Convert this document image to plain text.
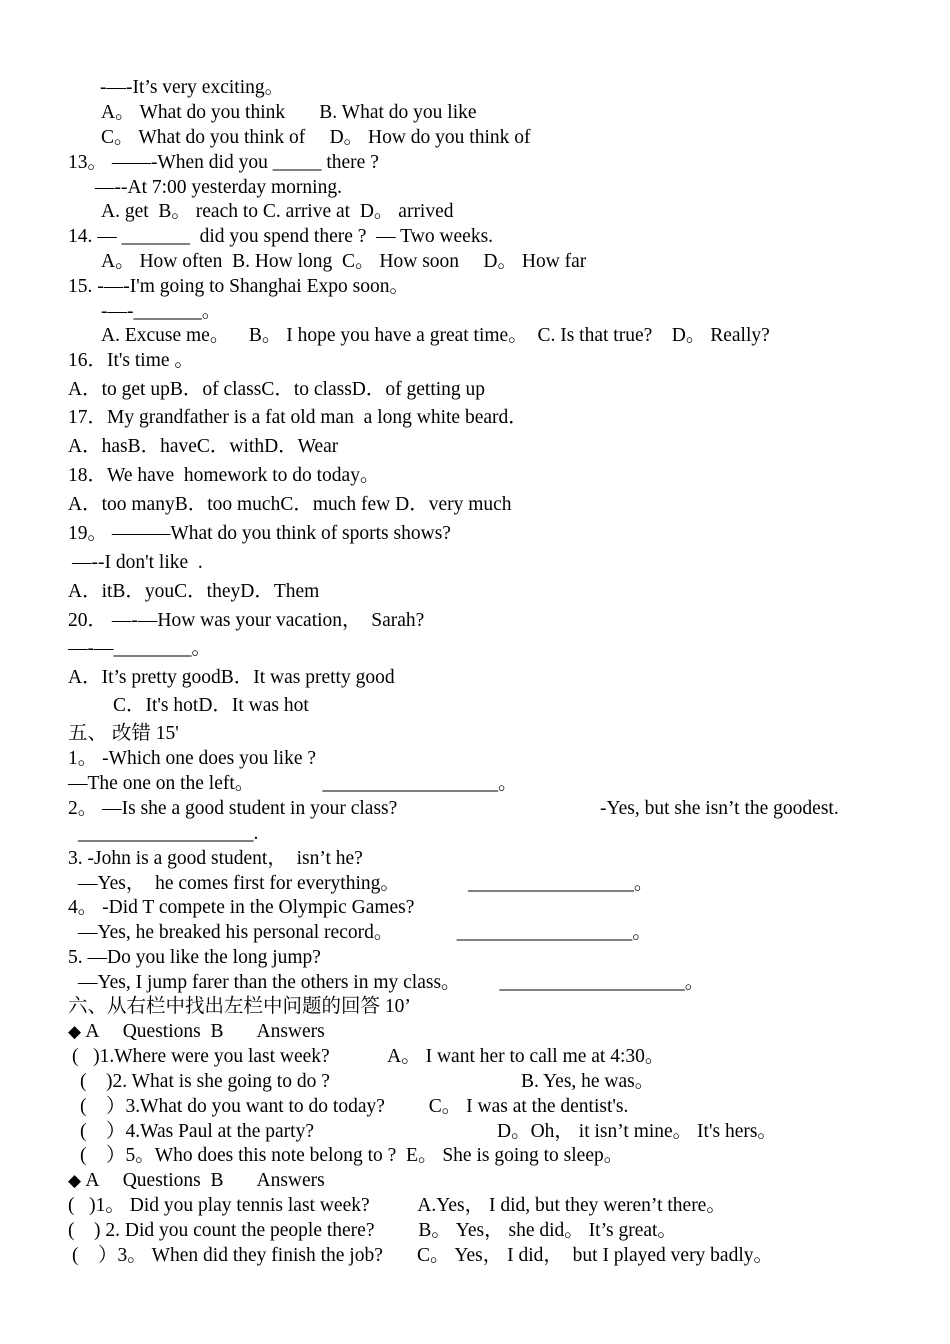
-—-It’s very exciting。
A。 What do you think       B. What do you like
C。 What do you think of     D。 How do you think of
13。 ——-When did you _____ there ?
—--At 7:00 yesterday morning.
A. get  B。 reach to C. arrive at  D。 arrived
14. — _______  did you spend there ?  — Two weeks.
A。 How often  B. How long  C。 How soon     D。 How far
15. -—-I'm going to Shanghai Expo soon。
-—-_______。
A. Excuse me。    B。 I hope you have a great time。  C. Is that true?    D。 Really?
16．It's time 。
A．to get upB．of classC．to classD．of getting up
17．My grandfather is a fat old man  a long white beard．
A．hasB．haveC．withD．Wear
18．We have  homework to do today。
A．too manyB．too muchC．much few D．very much
19。 ———What do you think of sports shows?
—--I don't like  .
A．itB．youC．theyD．Them
20． —-—How was your vacation，  Sarah?
—-—________。
A．It’s pretty goodB．It was pretty good
C．It's hotD．It was hot
五、 改错 15'
1。 -Which one does you like ?
—The one on the left。              __________________。
2。 —Is she a good student in your class?	-Yes, but she isn’t the goodest.
__________________.
3. -John is a good student，  isn’t he?
—Yes，  he comes first for everything。              _________________。
4。 -Did T compete in the Olympic Games?
—Yes, he breaked his personal record。             __________________。
5. —Do you like the long jump?
—Yes, I jump farer than the others in my class。        ___________________。
六、从右栏中找出左栏中问题的回答 10’
◆ A     Questions  B       Answers
(   )1.Where were you last week?            A。 I want her to call me at 4:30。
(    )2. What is she going to do ?	B. Yes, he was。
(    ）3.What do you want to do today?         C。 I was at the dentist's.
(    ）4.Was Paul at the party?	D。Oh， it isn’t mine。 It's hers。
(    ）5。Who does this note belong to ?  E。 She is going to sleep。
◆ A     Questions  B       Answers
(   )1。 Did you play tennis last week?          A.Yes， I did, but they weren’t there。
(    ) 2. Did you count the people there?         B。 Yes， she did。 It’s great。
(    ）3。 When did they finish the job?       C。 Yes， I did，  but I played very badly。
